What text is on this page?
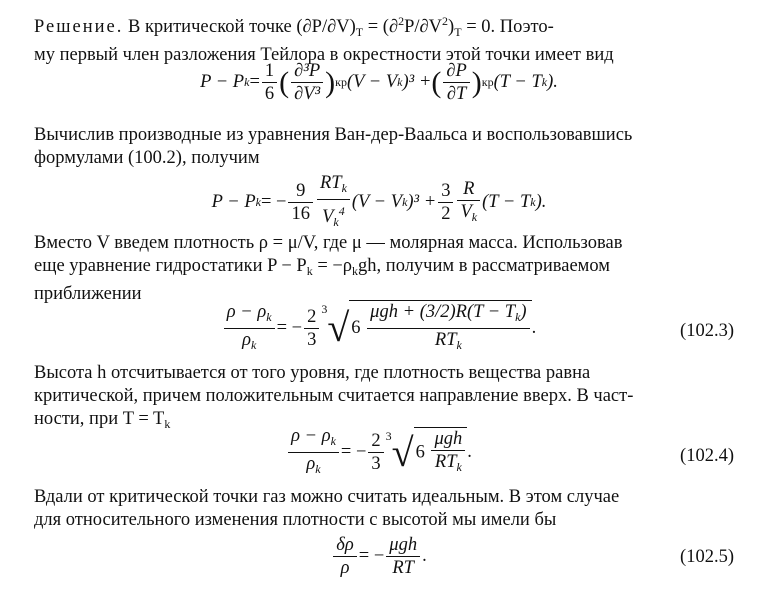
Решение. В критической точке $(\partial P/\partial V)_T = (\partial^2P/\partial V^2)_T = 0$. Поэто-
му первый член разложения Тейлора в окрестности этой точки имеет вид
P − P $k = \frac{1}{6}$ ( $\frac{\text{∂³P}}{\text{∂V³}}$ ) кр (V − V k )³ + ( $\frac{\partial P}{\partial T}$ ) кр (T − T k ).
Вычислив производные из уравнения Ван-дер-Ваальса и воспользовавшись
формулами (100.2), получим
P − P k = − $\frac{9}{16} \frac{RT_k}{V_k^4} (V - V$ k )$^3 + \frac{3}{2} \frac{R}{V_k} (T - T$ k ).
Вместо V введем плотность ρ = μ/V, где μ — молярная масса. Использовав
еще уравнение гидростатики $P - P_k = -\rho_kgh$, получим в рассматриваемом
приближении
$\frac{\rho - \rho_k}{\rho_k}$ = − $\frac{2}{3} 3$ √ $6 \frac{\mu gh + (3/2)R(T - T_k)}{RT_k}$ .	(102.3)
Высота h отсчитывается от того уровня, где плотность вещества равна
критической, причем положительным считается направление вверх. В част-
ности, при $T = T_k$
$\frac{\rho - \rho_k}{\rho_k}$ = − $\frac{2}{3} 3$ √ $6 \frac{\text{μgh}}{RT_k}$ .	(102.4)
Вдали от критической точки газ можно считать идеальным. В этом случае
для относительного изменения плотности с высотой мы имели бы
$\frac{\delta\rho}{\rho}$ = − $\frac{\text{μgh}}{RT}$ .	(102.5)
